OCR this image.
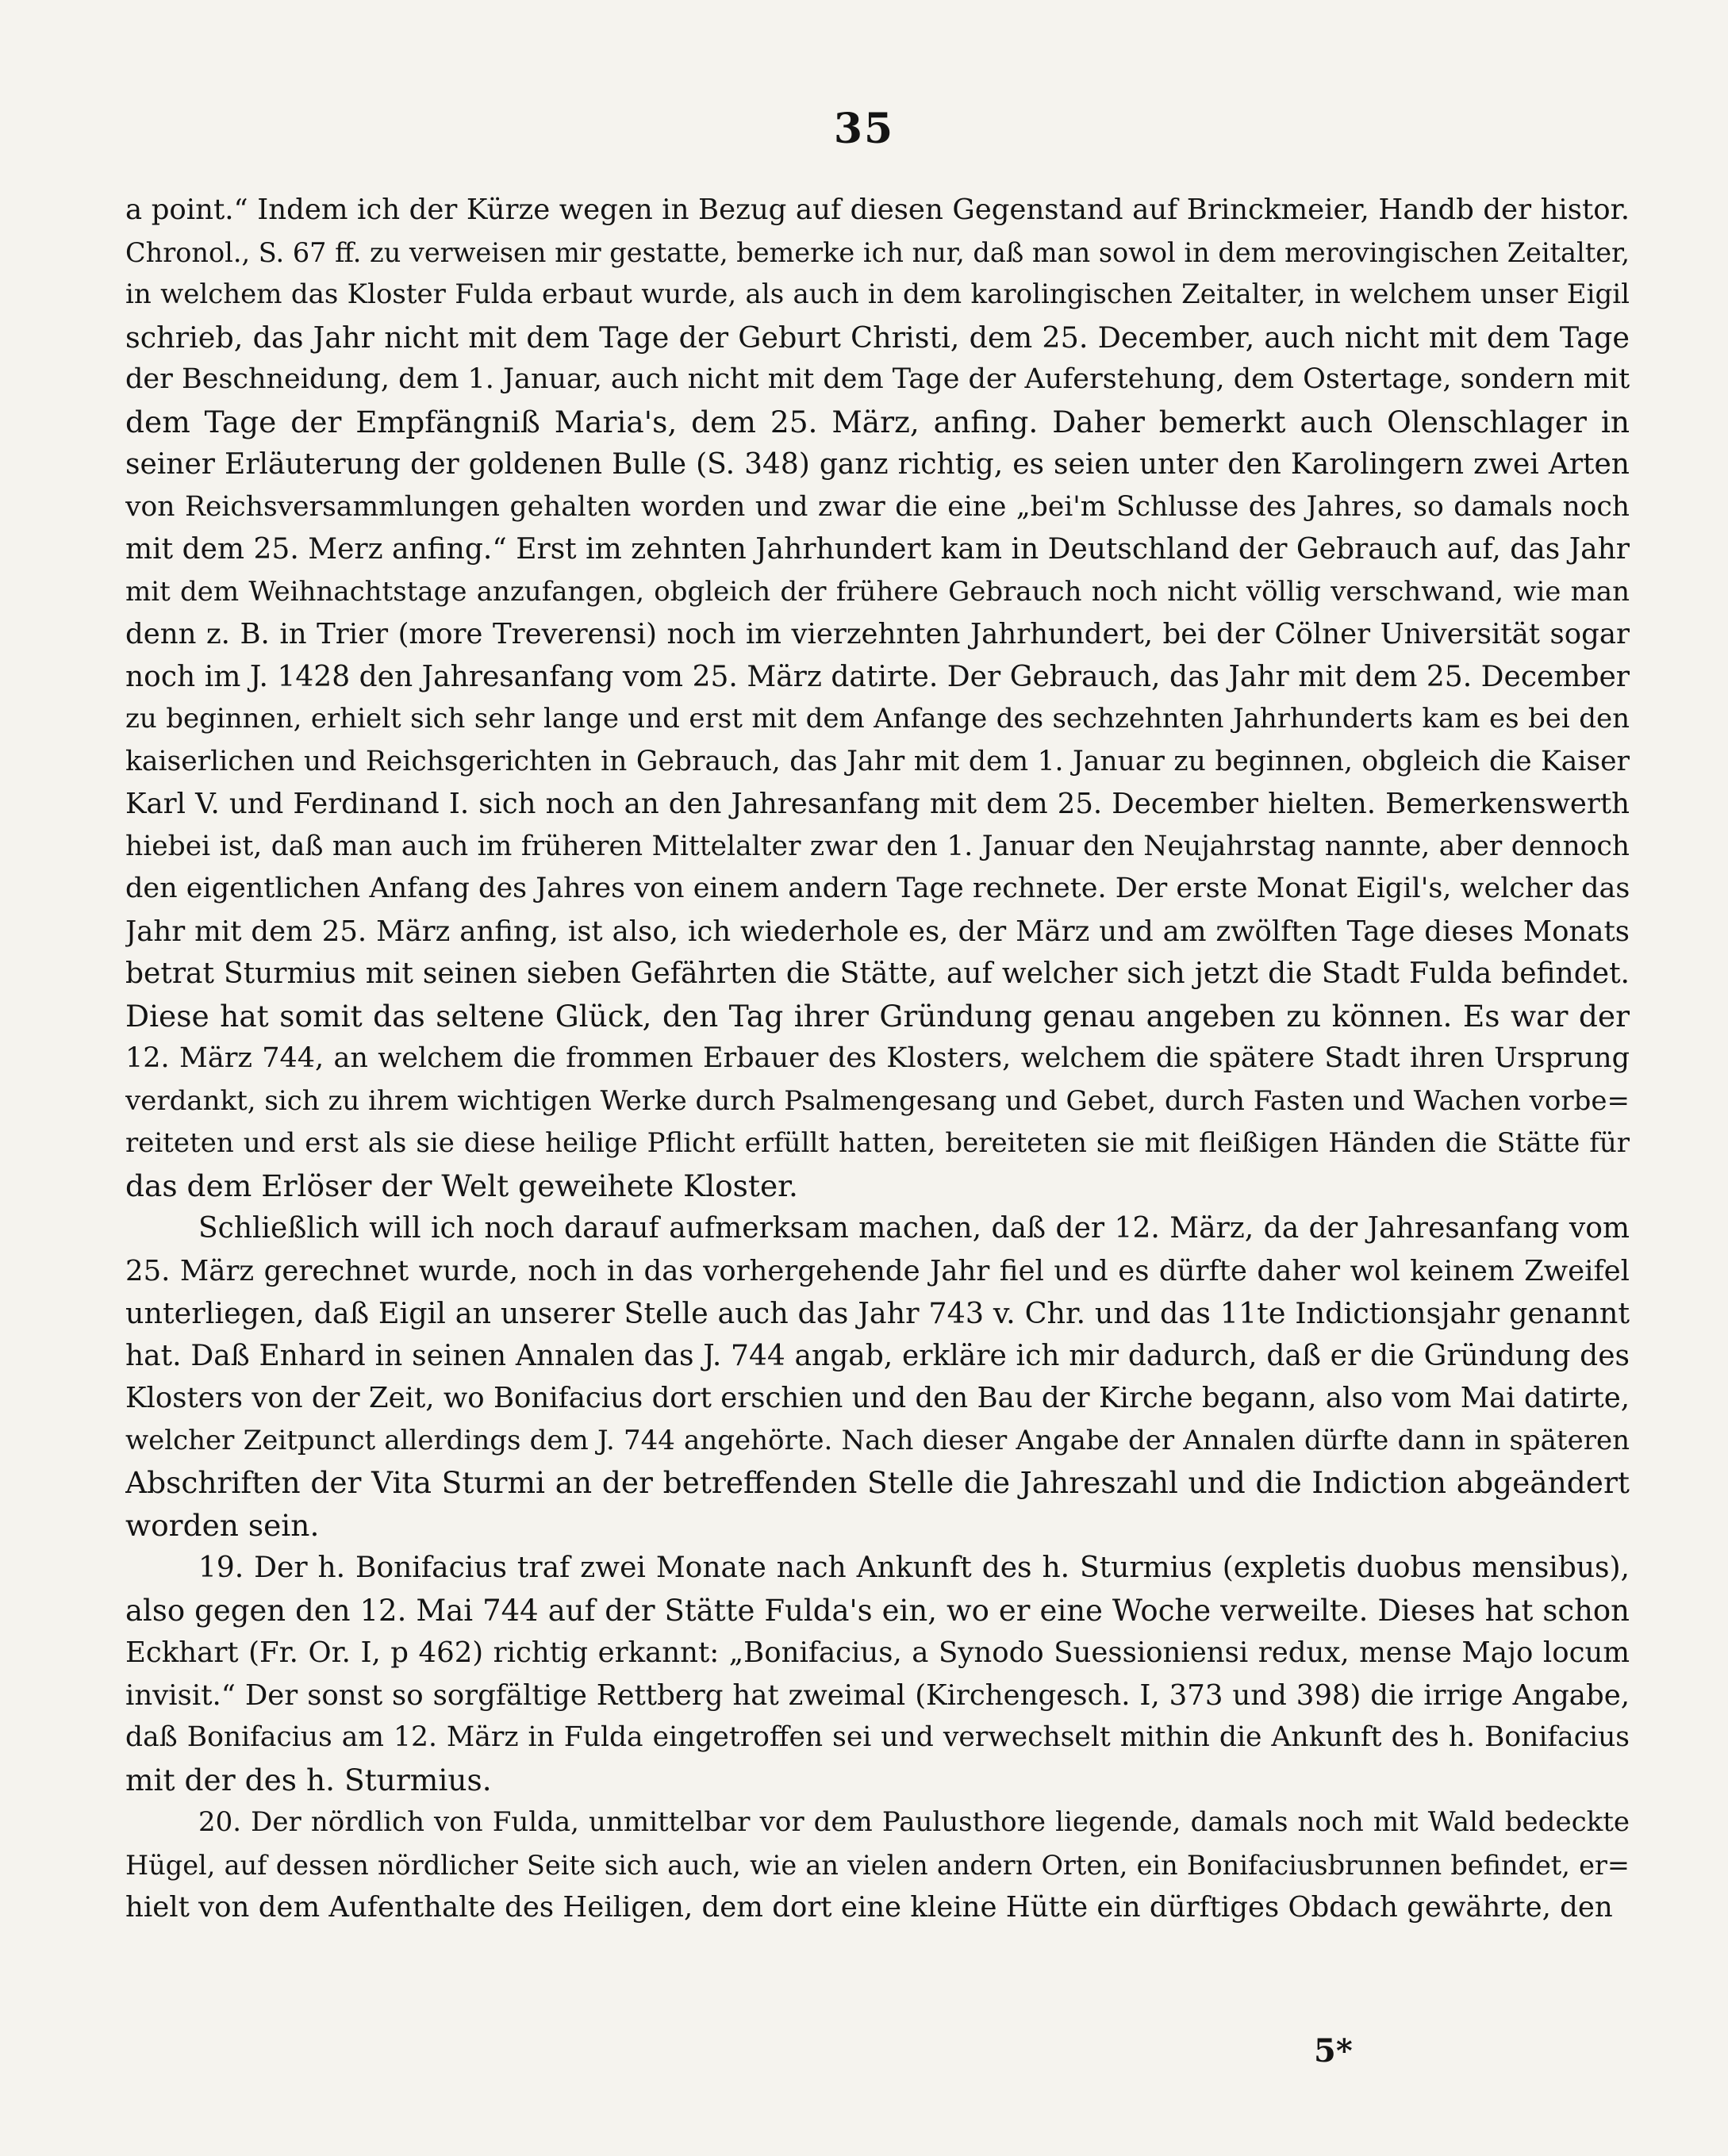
35
a point.“ Indem ich der Kürze wegen in Bezug auf diesen Gegenstand auf Brinckmeier, Handb der histor.
Chronol., S. 67 ff. zu verweisen mir gestatte, bemerke ich nur, daß man sowol in dem merovingischen Zeitalter,
in welchem das Kloster Fulda erbaut wurde, als auch in dem karolingischen Zeitalter, in welchem unser Eigil
schrieb, das Jahr nicht mit dem Tage der Geburt Christi, dem 25. December, auch nicht mit dem Tage
der Beschneidung, dem 1. Januar, auch nicht mit dem Tage der Auferstehung, dem Ostertage, sondern mit
dem Tage der Empfängniß Maria's, dem 25. März, anfing. Daher bemerkt auch Olenschlager in
seiner Erläuterung der goldenen Bulle (S. 348) ganz richtig, es seien unter den Karolingern zwei Arten
von Reichsversammlungen gehalten worden und zwar die eine „bei'm Schlusse des Jahres, so damals noch
mit dem 25. Merz anfing.“ Erst im zehnten Jahrhundert kam in Deutschland der Gebrauch auf, das Jahr
mit dem Weihnachtstage anzufangen, obgleich der frühere Gebrauch noch nicht völlig verschwand, wie man
denn z. B. in Trier (more Treverensi) noch im vierzehnten Jahrhundert, bei der Cölner Universität sogar
noch im J. 1428 den Jahresanfang vom 25. März datirte. Der Gebrauch, das Jahr mit dem 25. December
zu beginnen, erhielt sich sehr lange und erst mit dem Anfange des sechzehnten Jahrhunderts kam es bei den
kaiserlichen und Reichsgerichten in Gebrauch, das Jahr mit dem 1. Januar zu beginnen, obgleich die Kaiser
Karl V. und Ferdinand I. sich noch an den Jahresanfang mit dem 25. December hielten. Bemerkenswerth
hiebei ist, daß man auch im früheren Mittelalter zwar den 1. Januar den Neujahrstag nannte, aber dennoch
den eigentlichen Anfang des Jahres von einem andern Tage rechnete. Der erste Monat Eigil's, welcher das
Jahr mit dem 25. März anfing, ist also, ich wiederhole es, der März und am zwölften Tage dieses Monats
betrat Sturmius mit seinen sieben Gefährten die Stätte, auf welcher sich jetzt die Stadt Fulda befindet.
Diese hat somit das seltene Glück, den Tag ihrer Gründung genau angeben zu können. Es war der
12. März 744, an welchem die frommen Erbauer des Klosters, welchem die spätere Stadt ihren Ursprung
verdankt, sich zu ihrem wichtigen Werke durch Psalmengesang und Gebet, durch Fasten und Wachen vorbe=
reiteten und erst als sie diese heilige Pflicht erfüllt hatten, bereiteten sie mit fleißigen Händen die Stätte für
das dem Erlöser der Welt geweihete Kloster.
Schließlich will ich noch darauf aufmerksam machen, daß der 12. März, da der Jahresanfang vom
25. März gerechnet wurde, noch in das vorhergehende Jahr fiel und es dürfte daher wol keinem Zweifel
unterliegen, daß Eigil an unserer Stelle auch das Jahr 743 v. Chr. und das 11te Indictionsjahr genannt
hat. Daß Enhard in seinen Annalen das J. 744 angab, erkläre ich mir dadurch, daß er die Gründung des
Klosters von der Zeit, wo Bonifacius dort erschien und den Bau der Kirche begann, also vom Mai datirte,
welcher Zeitpunct allerdings dem J. 744 angehörte. Nach dieser Angabe der Annalen dürfte dann in späteren
Abschriften der Vita Sturmi an der betreffenden Stelle die Jahreszahl und die Indiction abgeändert
worden sein.
19. Der h. Bonifacius traf zwei Monate nach Ankunft des h. Sturmius (expletis duobus mensibus),
also gegen den 12. Mai 744 auf der Stätte Fulda's ein, wo er eine Woche verweilte. Dieses hat schon
Eckhart (Fr. Or. I, p 462) richtig erkannt: „Bonifacius, a Synodo Suessioniensi redux, mense Majo locum
invisit.“ Der sonst so sorgfältige Rettberg hat zweimal (Kirchengesch. I, 373 und 398) die irrige Angabe,
daß Bonifacius am 12. März in Fulda eingetroffen sei und verwechselt mithin die Ankunft des h. Bonifacius
mit der des h. Sturmius.
20. Der nördlich von Fulda, unmittelbar vor dem Paulusthore liegende, damals noch mit Wald bedeckte
Hügel, auf dessen nördlicher Seite sich auch, wie an vielen andern Orten, ein Bonifaciusbrunnen befindet, er=
hielt von dem Aufenthalte des Heiligen, dem dort eine kleine Hütte ein dürftiges Obdach gewährte, den
5*
